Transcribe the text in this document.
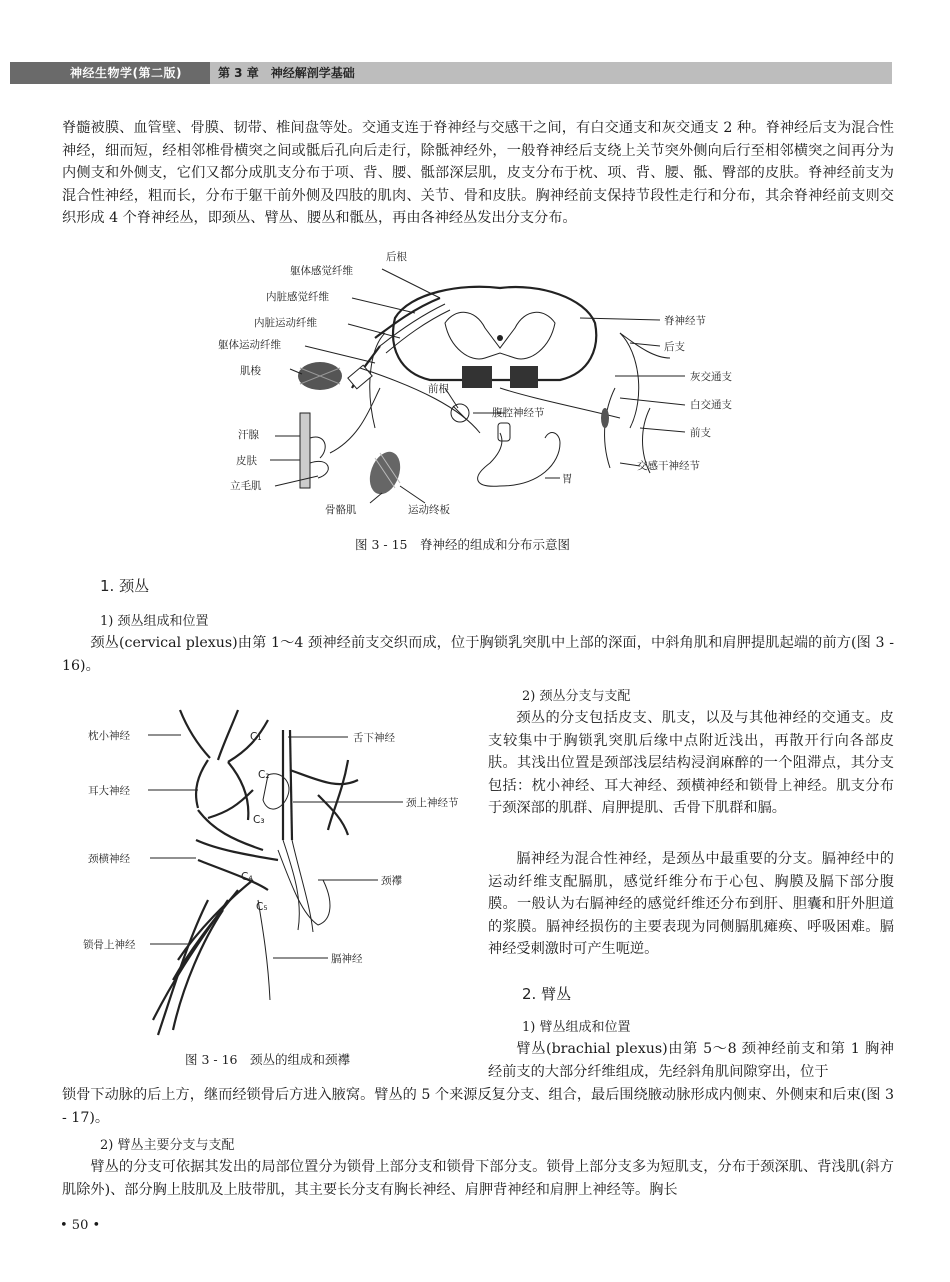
神经生物学(第二版)	第 3 章　神经解剖学基础
脊髓被膜、血管壁、骨膜、韧带、椎间盘等处。交通支连于脊神经与交感干之间，有白交通支和灰交通支 2 种。脊神经后支为混合性神经，细而短，经相邻椎骨横突之间或骶后孔向后走行，除骶神经外，一般脊神经后支绕上关节突外侧向后行至相邻横突之间再分为内侧支和外侧支，它们又都分成肌支分布于项、背、腰、骶部深层肌，皮支分布于枕、项、背、腰、骶、臀部的皮肤。脊神经前支为混合性神经，粗而长，分布于躯干前外侧及四肢的肌肉、关节、骨和皮肤。胸神经前支保持节段性走行和分布，其余脊神经前支则交织形成 4 个脊神经丛，即颈丛、臂丛、腰丛和骶丛，再由各神经丛发出分支分布。
后根
躯体感觉纤维
内脏感觉纤维
内脏运动纤维
躯体运动纤维
肌梭
汗腺
皮肤
立毛肌
骨骼肌	运动终板
前根
腹腔神经节
胃
脊神经节
后支
灰交通支
白交通支
前支
交感干神经节
图 3 - 15　脊神经的组成和分布示意图
1. 颈丛
1) 颈丛组成和位置
颈丛(cervical plexus)由第 1～4 颈神经前支交织而成，位于胸锁乳突肌中上部的深面，中斜角肌和肩胛提肌起端的前方(图 3 - 16)。
枕小神经
耳大神经
颈横神经
锁骨上神经
舌下神经
颈上神经节
颈襻
膈神经
C₁
C₂
C₃
C₄
C₅
图 3 - 16　颈丛的组成和颈襻
2) 颈丛分支与支配
颈丛的分支包括皮支、肌支，以及与其他神经的交通支。皮支较集中于胸锁乳突肌后缘中点附近浅出，再散开行向各部皮肤。其浅出位置是颈部浅层结构浸润麻醉的一个阻滞点，其分支包括：枕小神经、耳大神经、颈横神经和锁骨上神经。肌支分布于颈深部的肌群、肩胛提肌、舌骨下肌群和膈。
膈神经为混合性神经，是颈丛中最重要的分支。膈神经中的运动纤维支配膈肌，感觉纤维分布于心包、胸膜及膈下部分腹膜。一般认为右膈神经的感觉纤维还分布到肝、胆囊和肝外胆道的浆膜。膈神经损伤的主要表现为同侧膈肌瘫痪、呼吸困难。膈神经受刺激时可产生呃逆。
2. 臂丛
1) 臂丛组成和位置
臂丛(brachial plexus)由第 5～8 颈神经前支和第 1 胸神经前支的大部分纤维组成，先经斜角肌间隙穿出，位于
锁骨下动脉的后上方，继而经锁骨后方进入腋窝。臂丛的 5 个来源反复分支、组合，最后围绕腋动脉形成内侧束、外侧束和后束(图 3 - 17)。
2) 臂丛主要分支与支配
臂丛的分支可依据其发出的局部位置分为锁骨上部分支和锁骨下部分支。锁骨上部分支多为短肌支，分布于颈深肌、背浅肌(斜方肌除外)、部分胸上肢肌及上肢带肌，其主要长分支有胸长神经、肩胛背神经和肩胛上神经等。胸长
• 50 •
